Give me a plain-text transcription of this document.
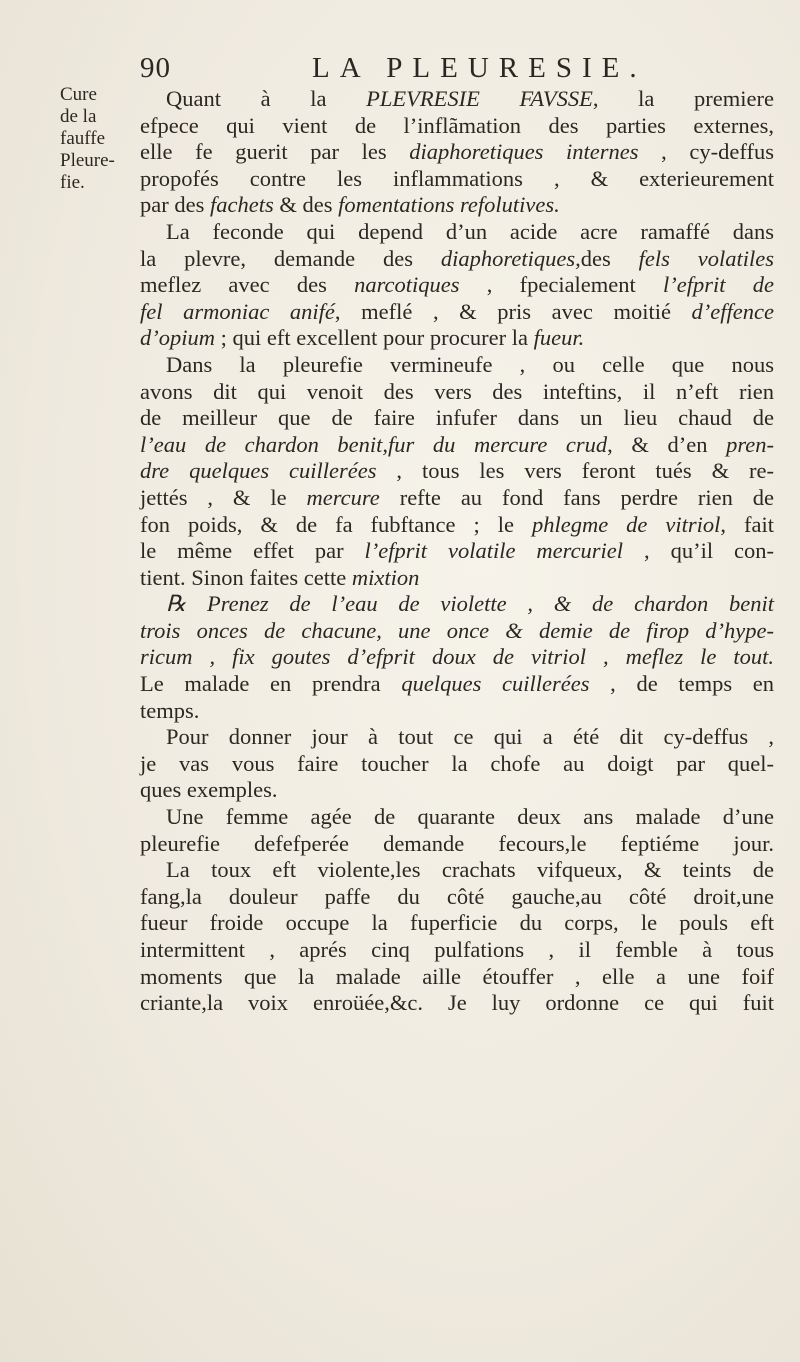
90	LA PLEURESIE.
Cure
de la
fauffe
Pleure-
fie.
Quant à la PLEVRESIE FAVSSE, la premiere
efpece qui vient de l’inflãmation des parties externes,
elle fe guerit par les diaphoretiques internes , cy-deffus
propofés contre les inflammations , & exterieurement
par des fachets & des fomentations refolutives.
La feconde qui depend d’un acide acre ramaffé dans
la plevre, demande des diaphoretiques,des fels volatiles
meflez avec des narcotiques , fpecialement l’efprit de
fel armoniac anifé, meflé , & pris avec moitié d’effence
d’opium ; qui eft excellent pour procurer la fueur.
Dans la pleurefie vermineufe , ou celle que nous
avons dit qui venoit des vers des inteftins, il n’eft rien
de meilleur que de faire infufer dans un lieu chaud de
l’eau de chardon benit,fur du mercure crud, & d’en pren-
dre quelques cuillerées , tous les vers feront tués & re-
jettés , & le mercure refte au fond fans perdre rien de
fon poids, & de fa fubftance ; le phlegme de vitriol, fait
le même effet par l’efprit volatile mercuriel , qu’il con-
tient. Sinon faites cette mixtion
℞ Prenez de l’eau de violette , & de chardon benit
trois onces de chacune, une once & demie de firop d’hype-
ricum , fix goutes d’efprit doux de vitriol , meflez le tout.
Le malade en prendra quelques cuillerées , de temps en
temps.
Pour donner jour à tout ce qui a été dit cy-deffus ,
je vas vous faire toucher la chofe au doigt par quel-
ques exemples.
Une femme agée de quarante deux ans malade d’une
pleurefie defefperée demande fecours,le feptiéme jour.
La toux eft violente,les crachats vifqueux, & teints de
fang,la douleur paffe du côté gauche,au côté droit,une
fueur froide occupe la fuperficie du corps, le pouls eft
intermittent , aprés cinq pulfations , il femble à tous
moments que la malade aille étouffer , elle a une foif
criante,la voix enroüée,&c. Je luy ordonne ce qui fuit
